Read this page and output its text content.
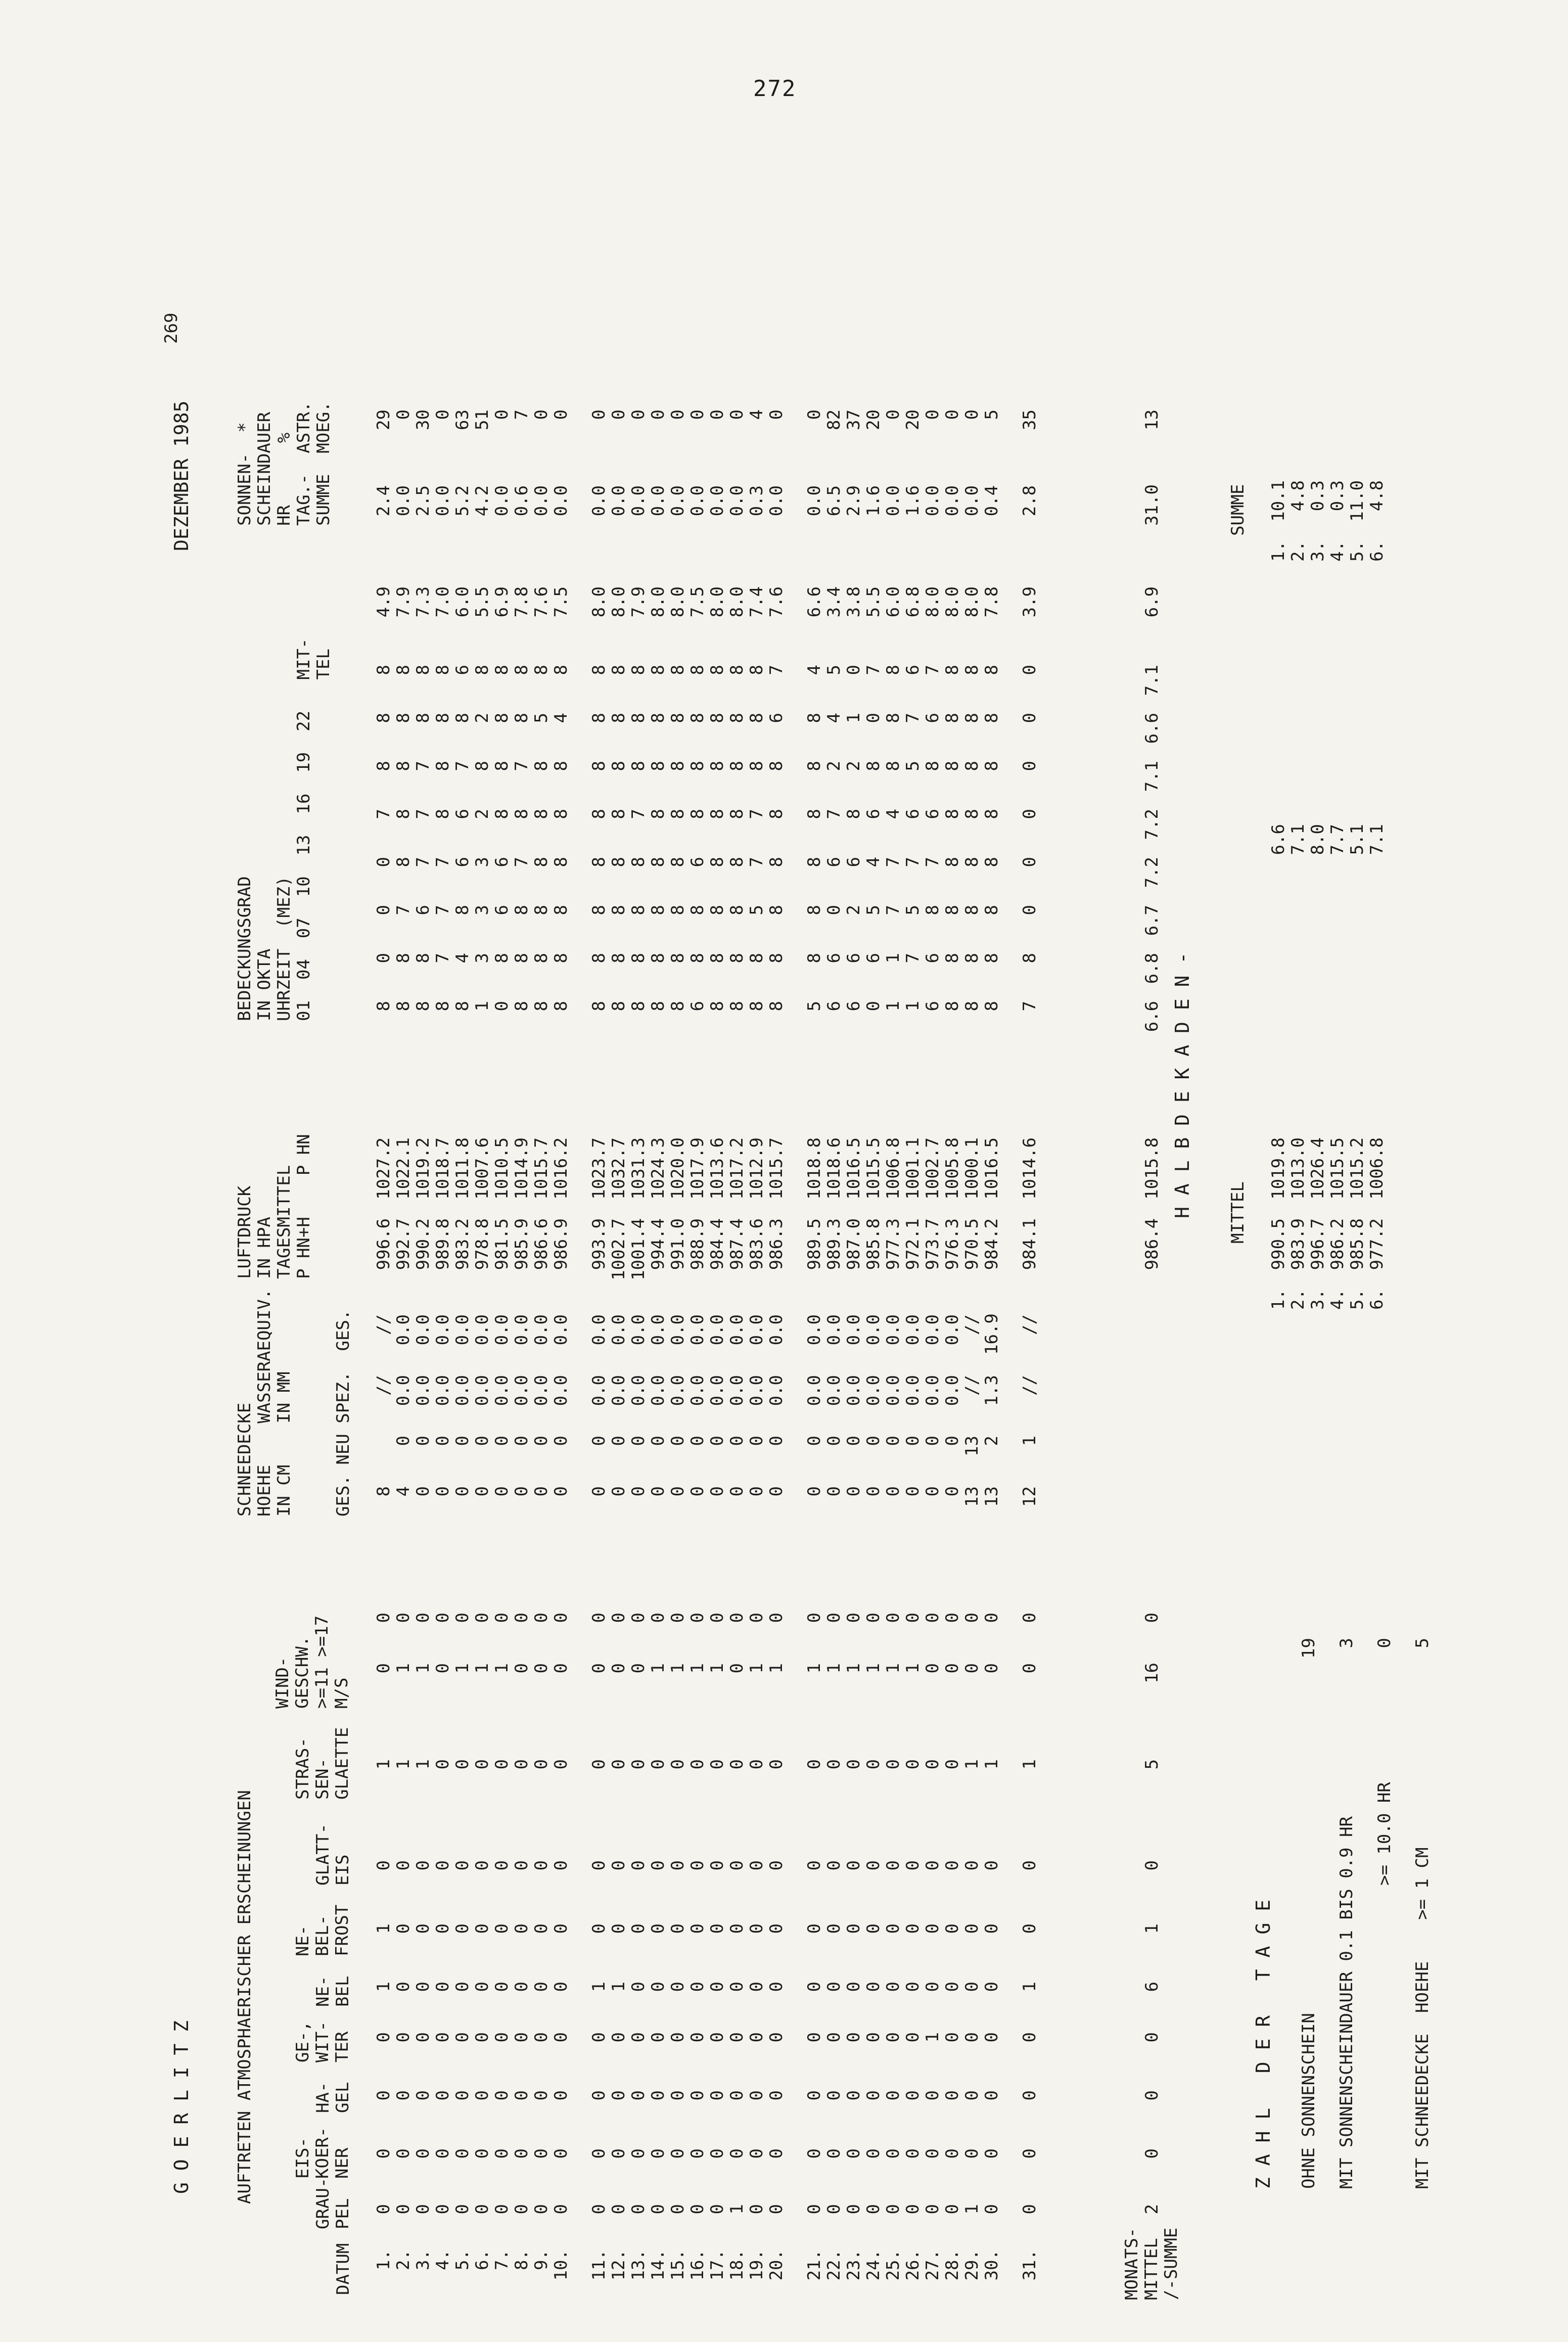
272
G O E R L I T Z
DEZEMBER 1985
269
AUFTRETEN ATMOSPHAERISCHER ERSCHEINUNGEN
DATUM
GRAU-
PEL
EIS-
KOER-
NER
HA-
GEL
GE-,
WIT-
TER
NE-
BEL
NE-
BEL-
FROST
GLATT-
EIS
STRAS-
SEN-
GLAETTE
WIND-
GESCHW.
>=11 >=17
M/S
SCHNEEDECKE
HOEHE    WASSERAEQUIV.
IN CM    IN MM GES. NEU SPEZ.  GES.
LUFTDRUCK
IN HPA
TAGESMITTEL
P HN+H    P HN
BEDECKUNGSGRAD
IN OKTA
UHRZEIT  (MEZ)
01  04  07  10  13  16  19  22   MIT-
TEL
SONNEN-  *
SCHEINDAUER
HR      %
TAG.-  ASTR.
SUMME  MOEG.
1.
0
0
0
0
1
1
0
1
0
0
8
//
//
996.6
1027.2
8
0
0
0
7
8
8
8
4.9
2.4
29
2.
0
0
0
0
0
0
0
1
1
0
4
0
0.0
0.0
992.7
1022.1
8
8
7
8
8
8
8
8
7.9
0.0
0
3.
0
0
0
0
0
0
0
1
1
0
0
0
0.0
0.0
990.2
1019.2
8
8
6
7
7
7
8
8
7.3
2.5
30
4.
0
0
0
0
0
0
0
0
0
0
0
0
0.0
0.0
989.8
1018.7
8
7
7
7
8
8
8
8
7.0
0.0
0
5.
0
0
0
0
0
0
0
0
1
0
0
0
0.0
0.0
983.2
1011.8
8
4
8
6
6
7
8
6
6.0
5.2
63
6.
0
0
0
0
0
0
0
0
1
0
0
0
0.0
0.0
978.8
1007.6
1
3
3
3
2
8
2
8
5.5
4.2
51
7.
0
0
0
0
0
0
0
0
1
0
0
0
0.0
0.0
981.5
1010.5
0
8
6
6
8
8
8
8
6.9
0.0
0
8.
0
0
0
0
0
0
0
0
0
0
0
0
0.0
0.0
985.9
1014.9
8
8
8
7
8
7
8
8
7.8
0.6
7
9.
0
0
0
0
0
0
0
0
0
0
0
0
0.0
0.0
986.6
1015.7
8
8
8
8
8
8
5
8
7.6
0.0
0
10.
0
0
0
0
0
0
0
0
0
0
0
0
0.0
0.0
986.9
1016.2
8
8
8
8
8
8
4
8
7.5
0.0
0
11.
0
0
0
0
1
0
0
0
0
0
0
0
0.0
0.0
993.9
1023.7
8
8
8
8
8
8
8
8
8.0
0.0
0
12.
0
0
0
0
1
0
0
0
0
0
0
0
0.0
0.0
1002.7
1032.7
8
8
8
8
8
8
8
8
8.0
0.0
0
13.
0
0
0
0
0
0
0
0
0
0
0
0
0.0
0.0
1001.4
1031.3
8
8
8
8
7
8
8
8
7.9
0.0
0
14.
0
0
0
0
0
0
0
0
1
0
0
0
0.0
0.0
994.4
1024.3
8
8
8
8
8
8
8
8
8.0
0.0
0
15.
0
0
0
0
0
0
0
0
1
0
0
0
0.0
0.0
991.0
1020.0
8
8
8
8
8
8
8
8
8.0
0.0
0
16.
0
0
0
0
0
0
0
0
1
0
0
0
0.0
0.0
988.9
1017.9
6
8
8
6
8
8
8
8
7.5
0.0
0
17.
0
0
0
0
0
0
0
0
1
0
0
0
0.0
0.0
984.4
1013.6
8
8
8
8
8
8
8
8
8.0
0.0
0
18.
1
0
0
0
0
0
0
0
0
0
0
0
0.0
0.0
987.4
1017.2
8
8
8
8
8
8
8
8
8.0
0.0
0
19.
0
0
0
0
0
0
0
0
1
0
0
0
0.0
0.0
983.6
1012.9
8
8
5
7
7
8
8
8
7.4
0.3
4
20.
0
0
0
0
0
0
0
0
1
0
0
0
0.0
0.0
986.3
1015.7
8
8
8
8
8
8
6
7
7.6
0.0
0
21.
0
0
0
0
0
0
0
0
1
0
0
0
0.0
0.0
989.5
1018.8
5
8
8
8
8
8
8
4
6.6
0.0
0
22.
0
0
0
0
0
0
0
0
1
0
0
0
0.0
0.0
989.3
1018.6
6
6
0
6
7
2
4
5
3.4
6.5
82
23.
0
0
0
0
0
0
0
0
1
0
0
0
0.0
0.0
987.0
1016.5
6
6
2
6
8
2
1
0
3.8
2.9
37
24.
0
0
0
0
0
0
0
0
1
0
0
0
0.0
0.0
985.8
1015.5
0
6
5
4
6
8
0
7
5.5
1.6
20
25.
0
0
0
0
0
0
0
0
1
0
0
0
0.0
0.0
977.3
1006.8
1
1
7
7
4
8
8
8
6.0
0.0
0
26.
0
0
0
0
0
0
0
0
1
0
0
0
0.0
0.0
972.1
1001.1
1
7
5
7
6
5
7
6
6.8
1.6
20
27.
0
0
0
1
0
0
0
0
0
0
0
0
0.0
0.0
973.7
1002.7
6
6
8
7
6
8
6
7
8.0
0.0
0
28.
0
0
0
0
0
0
0
0
0
0
0
0
0.0
0.0
976.3
1005.8
8
8
8
8
8
8
8
8
8.0
0.0
0
29.
1
0
0
0
0
0
0
1
0
0
13
13
//
//
970.5
1000.1
8
8
8
8
8
8
8
8
8.0
0.0
0
30.
0
0
0
0
0
0
0
1
0
0
13
2
1.3
16.9
984.2
1016.5
8
8
8
8
8
8
8
8
7.8
0.4
5
31.
0
0
0
0
1
0
0
1
0
0
12
1
//
//
984.1
1014.6
7
8
0
0
0
0
0
0
3.9
2.8
35
MONATS-
MITTEL
/-SUMME
2
0
0
0
6
1
0
5
16
0
986.4
1015.8
6.6
6.8
6.7
7.2
7.2
7.1
6.6
7.1
6.9
31.0
13
Z A H L   D E R   T A G E OHNE SONNENSCHEIN
19
MIT SONNENSCHEINDAUER 0.1 BIS 0.9 HR
3
>= 10.0 HR
0
MIT SCHNEEDECKE  HOEHE    >= 1 CM
5
H A L B D E K A D E N - MITTEL
SUMME
1.
990.5
1019.8
6.6
1.
10.1
2.
983.9
1013.0
7.1
2.
4.8
3.
996.7
1026.4
8.0
3.
0.3
4.
986.2
1015.5
7.7
4.
0.3
5.
985.8
1015.2
5.1
5.
11.0
6.
977.2
1006.8
7.1
6.
4.8
